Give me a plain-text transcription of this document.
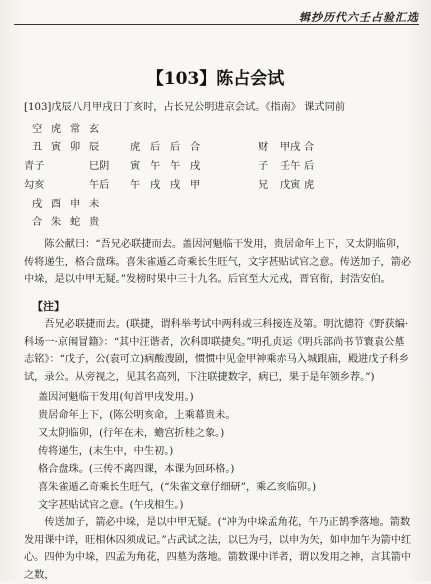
辑抄历代六壬占验汇选
【103】陈占会试
[103]戊辰八月甲戌日丁亥时，占长兄公明进京会试。《指南》 课式同前
空 虎 常 玄
丑 寅 卯 辰	虎 后 后 合	财 甲戌 合
青子	巳阴 寅 午 午 戌	子 壬午 后
勾亥	午后 午 戌 戌 甲	兄 戊寅 虎
戌 酉 申 未
合 朱 蛇 贵
陈公献曰：“吾兄必联捷而去。盖因河魁临干发用，贵居命年上下，又太阴临卯，传将递生，格合盘珠。喜朱雀遁乙奇乘长生旺气，文字甚贴试官之意。传送加子，箭必中垛，是以中甲无疑。”发榜时果中三十九名。后官至大元戎，晋官衔，封浩安伯。
【注】
吾兄必联捷而去。(联捷，谓科举考试中两科或三科接连及第。明沈德符《野获编·科场一·京闱冒籍》：“其中汪谐者，次科即联捷矣。”明孔贞运《明兵部尚书节寰袁公墓志铭》：“戊子，公(袁可立)病酸溲剧，惯惯中见金甲神乘赤马入城跟庙，殿进戊子科乡试，录公。从旁视之，见其名高列，下注联捷数字，病已，果于是年领乡荐。”)
盖因河魁临干发用(旬首甲戌发用。)
贵居命年上下，(陈公明亥命，上乘幕贵未。
又太阴临卯，(行年在未，蟾宫折桂之象。)
传将递生，(末生中，中生初。)
格合盘珠。(三传不离四课，本课为回环格。)
喜朱雀遁乙奇乘长生旺气，(“朱雀文章仔细研”，乘乙亥临卯。)
文字甚贴试官之意。(午戌相生。)
传送加子，箭必中垛，是以中甲无疑。(“冲为中垛孟角花，午乃正鹄季落地。箭数发用课中详，旺相休囚须成记。”占武试之法，以巳为弓，以申为矢，如申加午为箭中红心。四仲为中垛，四孟为角花，四墓为落地。箭数课中详者，谓以发用之神，言其箭中之数，
